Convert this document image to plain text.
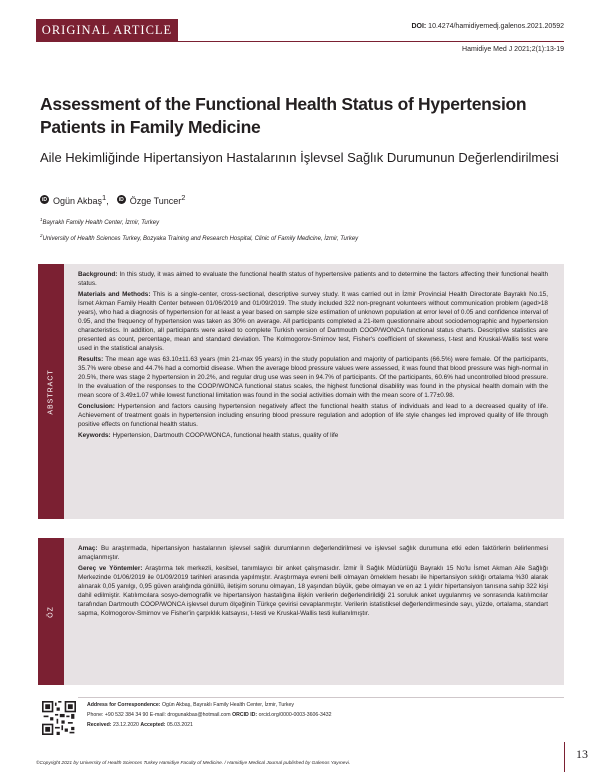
ORIGINAL ARTICLE	DOI: 10.4274/hamidiyemedj.galenos.2021.20592
Hamidiye Med J 2021;2(1):13-19
Assessment of the Functional Health Status of Hypertension Patients in Family Medicine
Aile Hekimliğinde Hipertansiyon Hastalarının İşlevsel Sağlık Durumunun Değerlendirilmesi
iD Ogün Akbaş$^1$,	iD Özge Tuncer$^2$
$^1$Bayraklı Family Health Center, İzmir, Turkey
$^2$University of Health Sciences Turkey, Bozyaka Training and Research Hospital, Clinic of Family Medicine, İzmir, Turkey
ABSTRACT

Background: In this study, it was aimed to evaluate the functional health status of hypertensive patients and to determine the factors affecting their functional health status.

Materials and Methods: This is a single-center, cross-sectional, descriptive survey study. It was carried out in İzmir Provincial Health Directorate Bayraklı No.15, İsmet Akman Family Health Center between 01/06/2019 and 01/09/2019. The study included 322 non-pregnant volunteers without communication problem (aged>18 years), who had a diagnosis of hypertension for at least a year based on sample size estimation of unknown population at error level of 0.05 and confidence interval of 0.95, and the frequency of hypertension was taken as 30% on average. All participants completed a 21-item questionnaire about sociodemographic and hypertension characteristics. In addition, all participants were asked to complete Turkish version of Dartmouth COOP/WONCA functional status charts. Descriptive statistics are presented as count, percentage, mean and standard deviation. The Kolmogorov-Smirnov test, Fisher's coefficient of skewness, t-test and Kruskal-Wallis test were used in the statistical analysis.

Results: The mean age was 63.10±11.63 years (min 21-max 95 years) in the study population and majority of participants (66.5%) were female. Of the participants, 35.7% were obese and 44.7% had a comorbid disease. When the average blood pressure values were assessed, it was found that blood pressure was high-normal in 20.5%, there was stage 2 hypertension in 20.2%, and regular drug use was seen in 94.7% of participants. Of the participants, 60.6% had uncontrolled blood pressure. In the evaluation of the responses to the COOP/WONCA functional status scales, the highest functional disability was found in the physical health domain with the mean score of 3.49±1.07 while lowest functional limitation was found in the social activities domain with the mean score of 1.77±0.98.

Conclusion: Hypertension and factors causing hypertension negatively affect the functional health status of individuals and lead to a decreased quality of life. Achievement of treatment goals in hypertension including ensuring blood pressure regulation and adoption of life style changes led improved quality of life through positive effects on functional health status.

Keywords: Hypertension, Dartmouth COOP/WONCA, functional health status, quality of life

ÖZ

Amaç: Bu araştırmada, hipertansiyon hastalarının işlevsel sağlık durumlarının değerlendirilmesi ve işlevsel sağlık durumuna etki eden faktörlerin belirlenmesi amaçlanmıştır.

Gereç ve Yöntemler: Araştırma tek merkezli, kesitsel, tanımlayıcı bir anket çalışmasıdır. İzmir İl Sağlık Müdürlüğü Bayraklı 15 No'lu İsmet Akman Aile Sağlığı Merkezinde 01/06/2019 ile 01/09/2019 tarihleri arasında yapılmıştır. Araştırmaya evreni belli olmayan örneklem hesabı ile hipertansiyon sıklığı ortalama %30 alarak alınarak 0,05 yanılgı, 0,95 güven aralığında gönüllü, iletişim sorunu olmayan, 18 yaşından büyük, gebe olmayan ve en az 1 yıldır hipertansiyon tanısına sahip 322 kişi dahil edilmiştir. Katılımcılara sosyo-demografik ve hipertansiyon hastalığına ilişkin verilerin değerlendirildiği 21 soruluk anket uygulanmış ve sonrasında katılımcılar tarafından Dartmouth COOP/WONCA işlevsel durum ölçeğinin Türkçe çevirisi cevaplanmıştır. Verilerin istatistiksel değerlendirmesinde sayı, yüzde, ortalama, standart sapma, Kolmogorov-Smirnov ve Fisher'in çarpıklık katsayısı, t-testi ve Kruskal-Wallis testi kullanılmıştır.

Address for Correspondence: Ogün Akbaş, Bayraklı Family Health Center, İzmir, Turkey
Phone: +90 532 384 34 90 E-mail: drogunakbas@hotmail.com ORCID ID: orcid.org/0000-0003-3606-3432
Received: 23.12.2020 Accepted: 05.03.2021
©Copyright 2021 by University of Health Sciences Turkey Hamidiye Faculty of Medicine. / Hamidiye Medical Journal published by Galenos Yayınevi.
13
